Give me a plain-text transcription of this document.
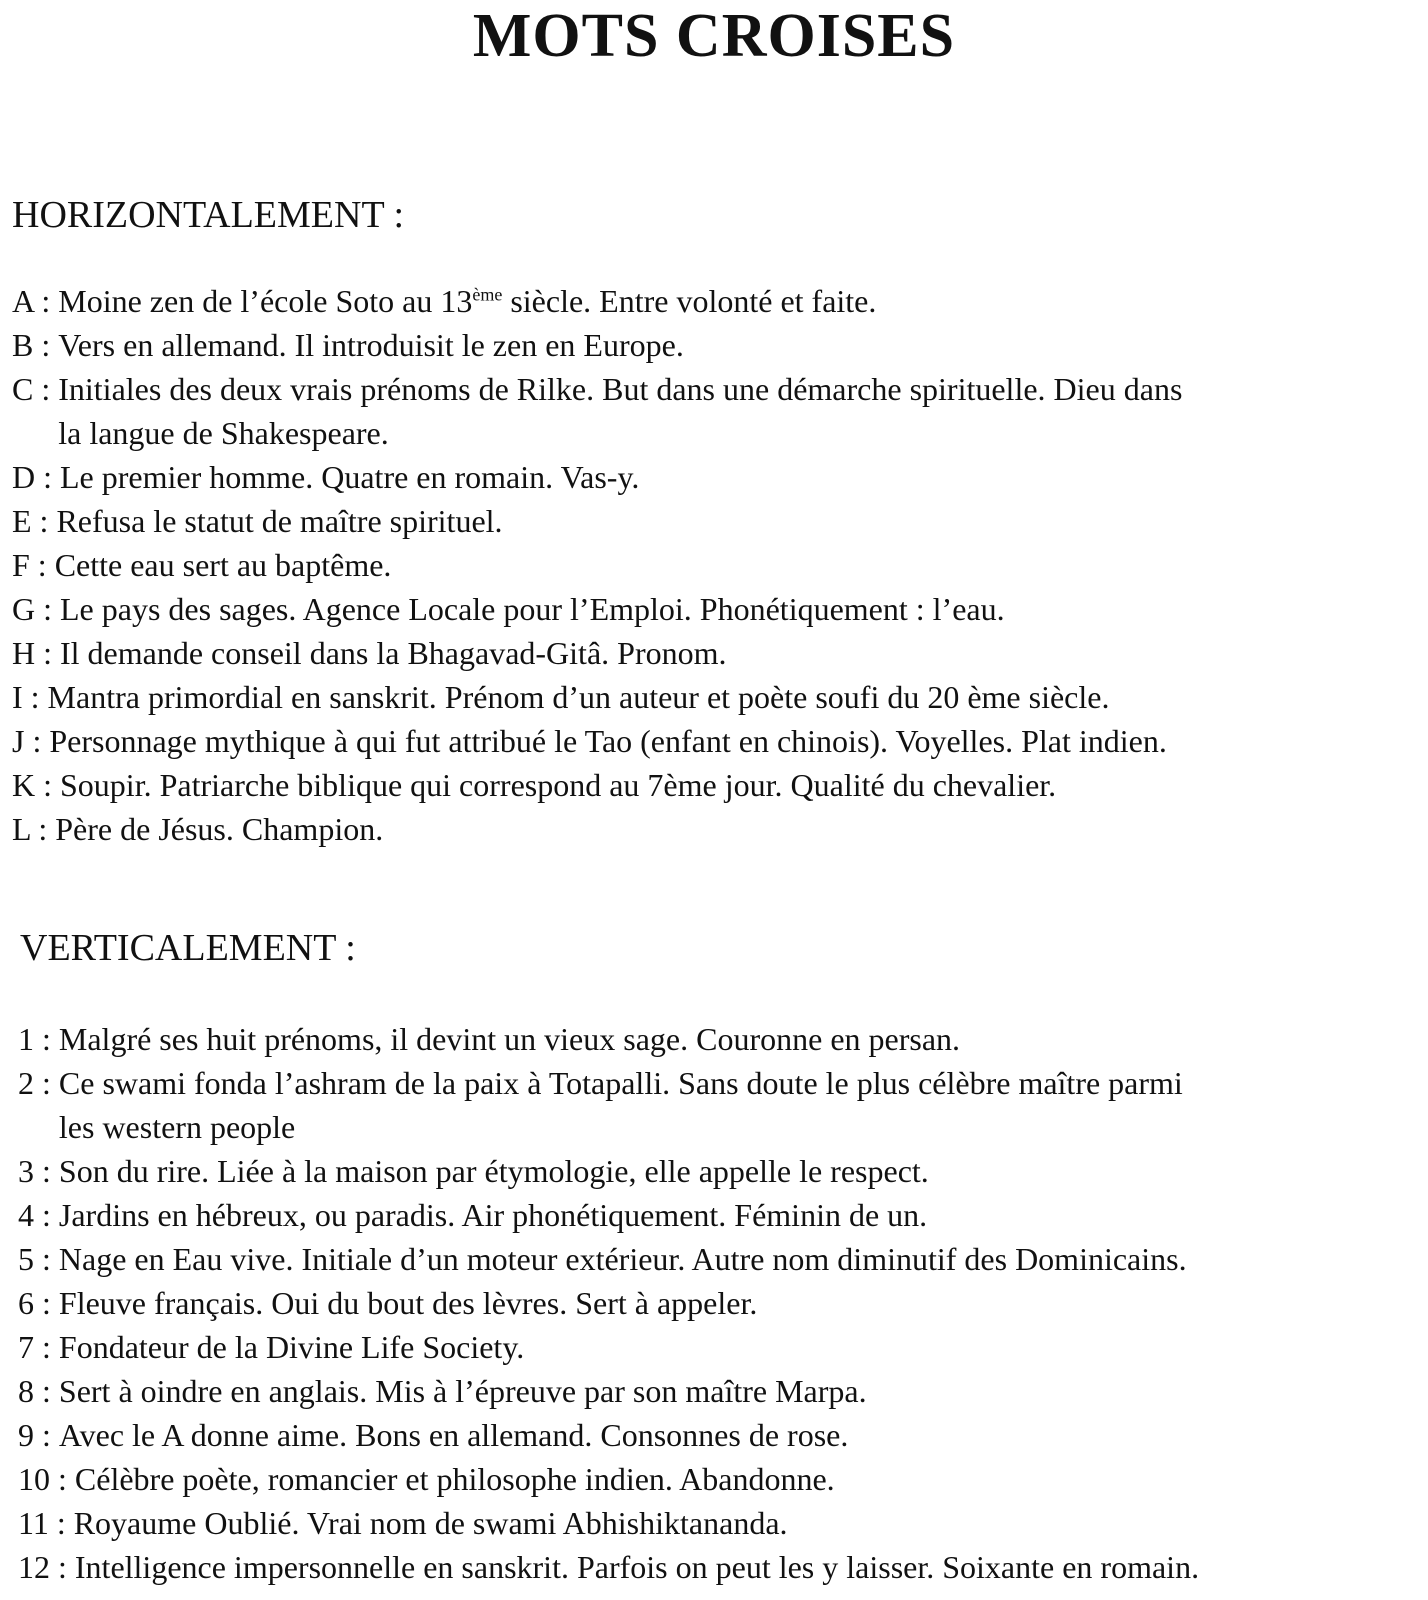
MOTS CROISES
HORIZONTALEMENT :
A : Moine zen de l’école Soto au 13ème siècle. Entre volonté et faite.
B : Vers en allemand. Il introduisit le zen en Europe.
C : Initiales des deux vrais prénoms de Rilke. But dans une démarche spirituelle. Dieu dans
la langue de Shakespeare.
D : Le premier homme. Quatre en romain. Vas-y.
E : Refusa le statut de maître spirituel.
F : Cette eau sert au baptême.
G : Le pays des sages. Agence Locale pour l’Emploi. Phonétiquement : l’eau.
H : Il demande conseil dans la Bhagavad-Gitâ. Pronom.
I : Mantra primordial en sanskrit. Prénom d’un auteur et poète soufi du 20 ème siècle.
J : Personnage mythique à qui fut attribué le Tao (enfant en chinois). Voyelles. Plat indien.
K : Soupir. Patriarche biblique qui correspond au 7ème jour. Qualité du chevalier.
L : Père de Jésus. Champion.
VERTICALEMENT :
1 : Malgré ses huit prénoms, il devint un vieux sage. Couronne en persan.
2 : Ce swami fonda l’ashram de la paix à Totapalli. Sans doute le plus célèbre maître parmi
les western people
3 : Son du rire. Liée à la maison par étymologie, elle appelle le respect.
4 : Jardins en hébreux, ou paradis. Air phonétiquement. Féminin de un.
5 : Nage en Eau vive. Initiale d’un moteur extérieur. Autre nom diminutif des Dominicains.
6 : Fleuve français. Oui du bout des lèvres. Sert à appeler.
7 : Fondateur de la Divine Life Society.
8 : Sert à oindre en anglais. Mis à l’épreuve par son maître Marpa.
9 : Avec le A donne aime. Bons en allemand. Consonnes de rose.
10 : Célèbre poète, romancier et philosophe indien. Abandonne.
11 : Royaume Oublié. Vrai nom de swami Abhishiktananda.
12 : Intelligence impersonnelle en sanskrit. Parfois on peut les y laisser. Soixante en romain.
